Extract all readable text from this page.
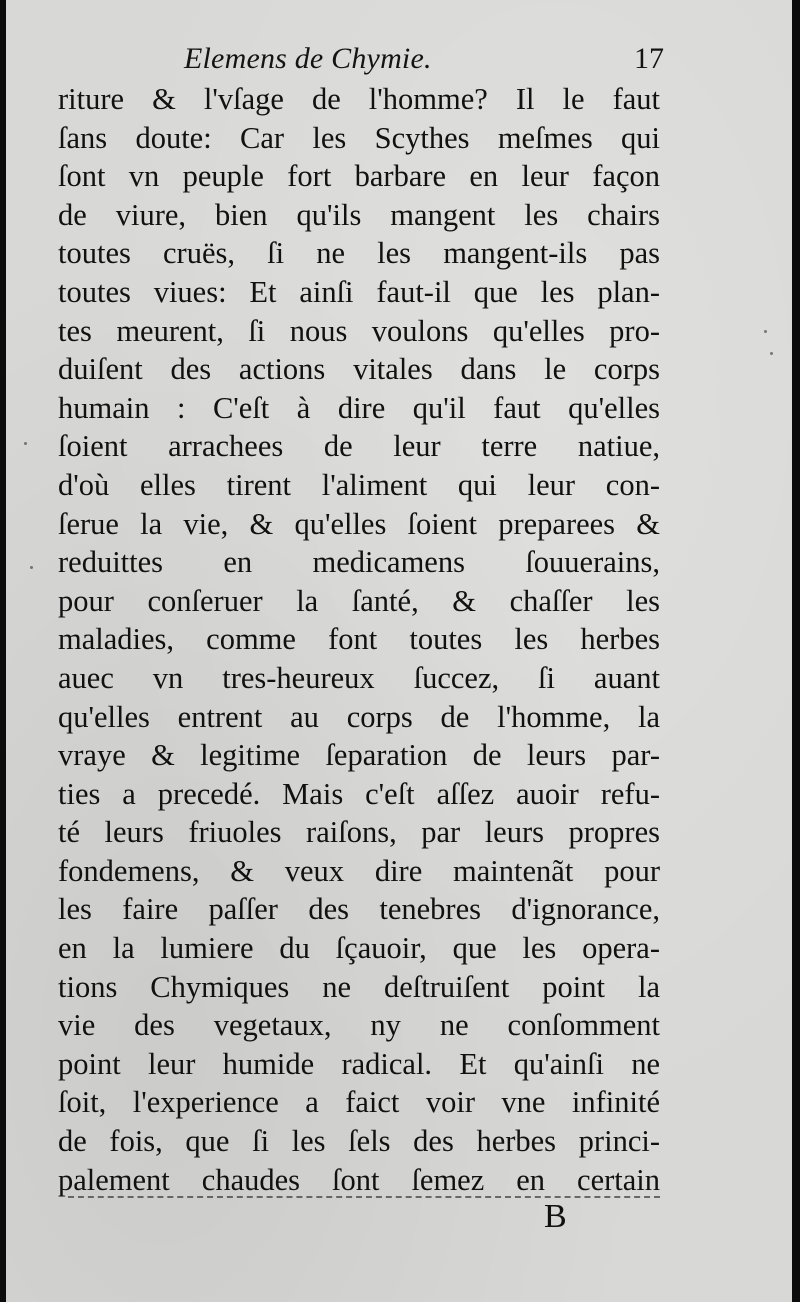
Elemens de Chymie.	17
riture & l'vſage de l'homme? Il le faut
ſans doute: Car les Scythes meſmes qui
ſont vn peuple fort barbare en leur façon
de viure, bien qu'ils mangent les chairs
toutes cruës, ſi ne les mangent-ils pas
toutes viues: Et ainſi faut-il que les plan-
tes meurent, ſi nous voulons qu'elles pro-
duiſent des actions vitales dans le corps
humain : C'eſt à dire qu'il faut qu'elles
ſoient arrachees de leur terre natiue,
d'où elles tirent l'aliment qui leur con-
ſerue la vie, & qu'elles ſoient preparees &
reduittes en medicamens ſouuerains,
pour conſeruer la ſanté, & chaſſer les
maladies, comme font toutes les herbes
auec vn tres-heureux ſuccez, ſi auant
qu'elles entrent au corps de l'homme, la
vraye & legitime ſeparation de leurs par-
ties a precedé. Mais c'eſt aſſez auoir refu-
té leurs friuoles raiſons, par leurs propres
fondemens, & veux dire maintenãt pour
les faire paſſer des tenebres d'ignorance,
en la lumiere du ſçauoir, que les opera-
tions Chymiques ne deſtruiſent point la
vie des vegetaux, ny ne conſomment
point leur humide radical. Et qu'ainſi ne
ſoit, l'experience a faict voir vne infinité
de fois, que ſi les ſels des herbes princi-
palement chaudes ſont ſemez en certain
B
